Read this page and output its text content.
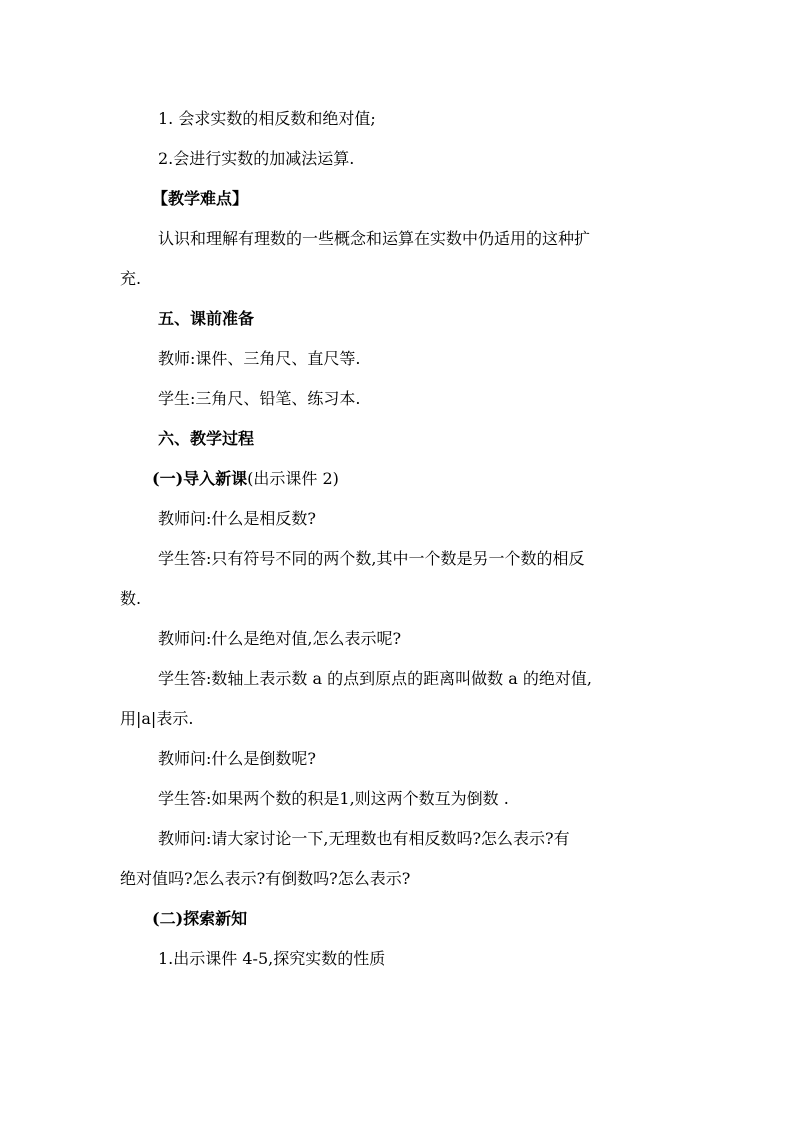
1. 会求实数的相反数和绝对值;
2.会进行实数的加减法运算.
【教学难点】
认识和理解有理数的一些概念和运算在实数中仍适用的这种扩
充.
五、课前准备
教师:课件、三角尺、直尺等.
学生:三角尺、铅笔、练习本.
六、教学过程
(一)导入新课(出示课件 2)
教师问:什么是相反数?
学生答:只有符号不同的两个数,其中一个数是另一个数的相反
数.
教师问:什么是绝对值,怎么表示呢?
学生答:数轴上表示数 a 的点到原点的距离叫做数 a 的绝对值,
用|a|表示.
教师问:什么是倒数呢?
学生答:如果两个数的积是1,则这两个数互为倒数 .
教师问:请大家讨论一下,无理数也有相反数吗?怎么表示?有
绝对值吗?怎么表示?有倒数吗?怎么表示?
(二)探索新知
1.出示课件 4-5,探究实数的性质
